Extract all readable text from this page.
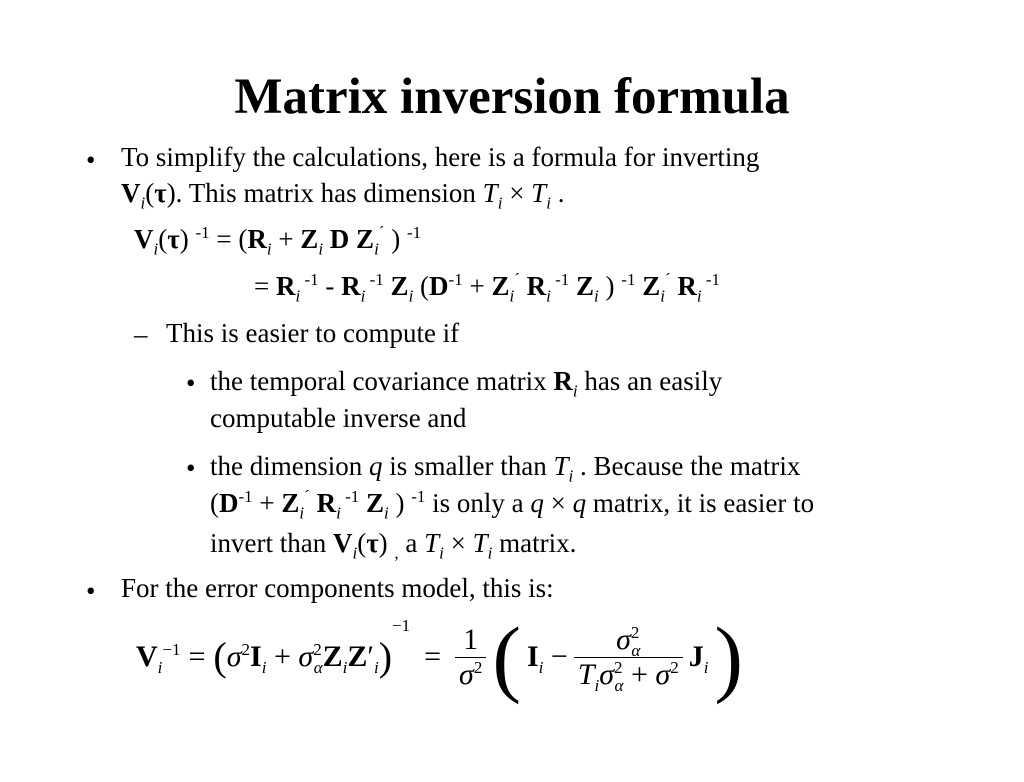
Matrix inversion formula
• To simplify the calculations, here is a formula for inverting
$V_i(\tau)$. This matrix has dimension $T_i \times T_i$ .
$V_i(\tau) ^{-1} = (R_i + Z_i$ D $Z_i^´$ ) $^{-1}$
= $R_i$ $^{-1} - R_i$ $^{-1}$ $Z_i$ ($D^{-1} + Z_i^´$ $R_i$ $^{-1}$ $Z_i$ ) $^{-1}$ $Z_i^´$ $R_i$ $^{-1}$
– This is easier to compute if
• the temporal covariance matrix $R_i$ has an easily
computable inverse and
• the dimension q is smaller than $T_i$ . Because the matrix
($D^{-1} + Z_i^´$ $R_i$ $^{-1}$ $Z_i$ ) $^{-1}$ is only a q × q matrix, it is easier to
invert than $V_i(\tau)$ $_,$ a $T_i \times T_i$ matrix.
• For the error components model, this is:
$V_i^{-1}$ = ( $\sigma^2I_i + \sigma^2_\alpha Z_iZ'_i$ )
−1
= $\frac{1}{\sigma^2}$ ( $I_i - \frac{\sigma^2_\alpha}{T_i\sigma^2_\alpha + \sigma^2} J_i$ )
